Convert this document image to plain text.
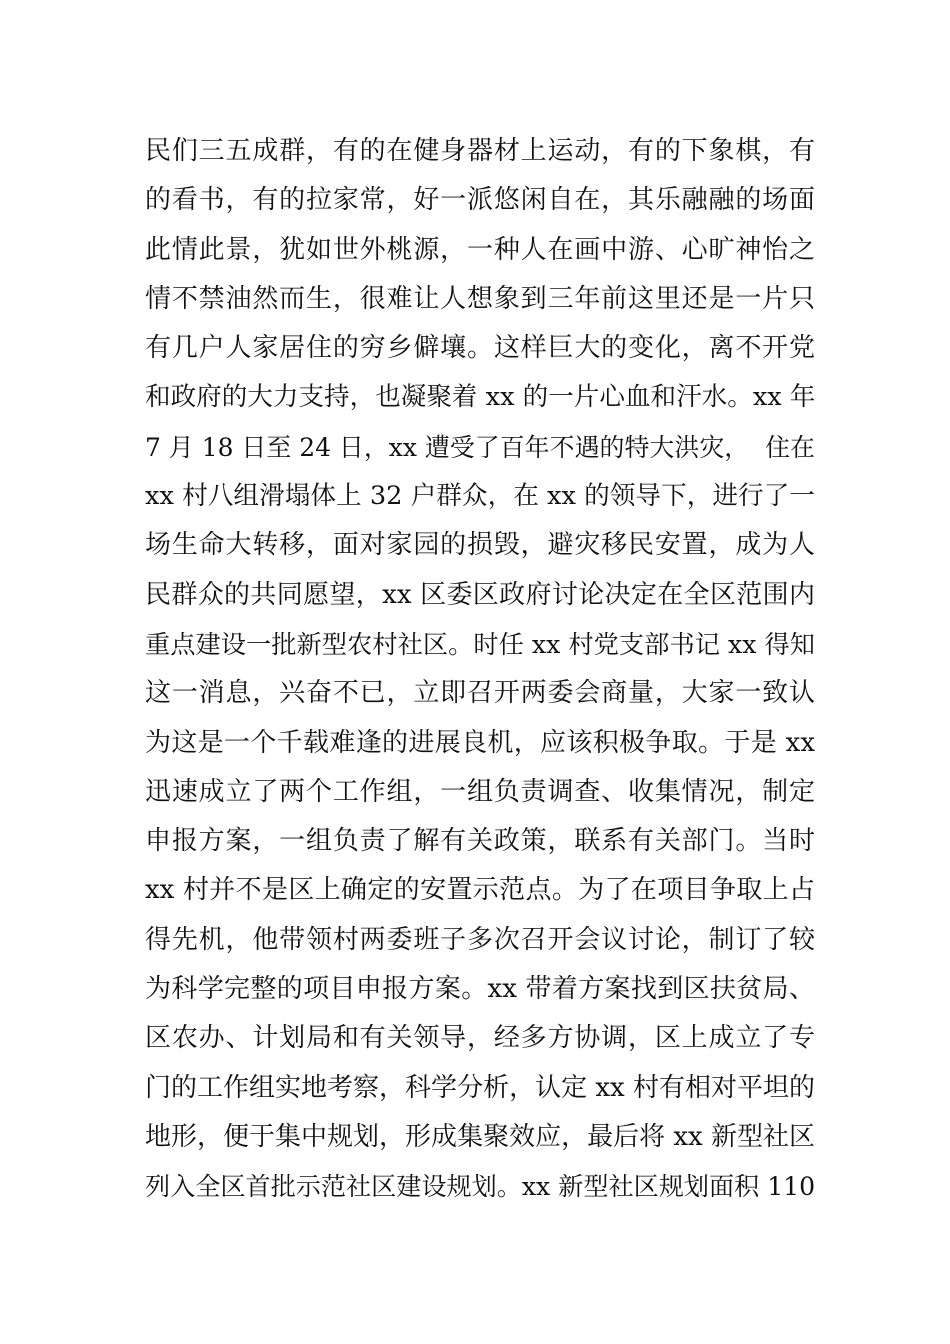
民们三五成群，有的在健身器材上运动，有的下象棋，有
的看书，有的拉家常，好一派悠闲自在，其乐融融的场面
此情此景，犹如世外桃源，一种人在画中游、心旷神怡之
情不禁油然而生，很难让人想象到三年前这里还是一片只
有几户人家居住的穷乡僻壤。这样巨大的变化，离不开党
和政府的大力支持，也凝聚着 xx 的一片心血和汗水。xx 年
7 月 18 日至 24 日，xx 遭受了百年不遇的特大洪灾，  住在
xx 村八组滑塌体上 32 户群众，在 xx 的领导下，进行了一
场生命大转移，面对家园的损毁，避灾移民安置，成为人
民群众的共同愿望，xx 区委区政府讨论决定在全区范围内
重点建设一批新型农村社区。时任 xx 村党支部书记 xx 得知
这一消息，兴奋不已，立即召开两委会商量，大家一致认
为这是一个千载难逢的进展良机，应该积极争取。于是 xx
迅速成立了两个工作组，一组负责调查、收集情况，制定
申报方案，一组负责了解有关政策，联系有关部门。当时
xx 村并不是区上确定的安置示范点。为了在项目争取上占
得先机，他带领村两委班子多次召开会议讨论，制订了较
为科学完整的项目申报方案。xx 带着方案找到区扶贫局、
区农办、计划局和有关领导，经多方协调，区上成立了专
门的工作组实地考察，科学分析，认定 xx 村有相对平坦的
地形，便于集中规划，形成集聚效应，最后将 xx 新型社区
列入全区首批示范社区建设规划。xx 新型社区规划面积 110
